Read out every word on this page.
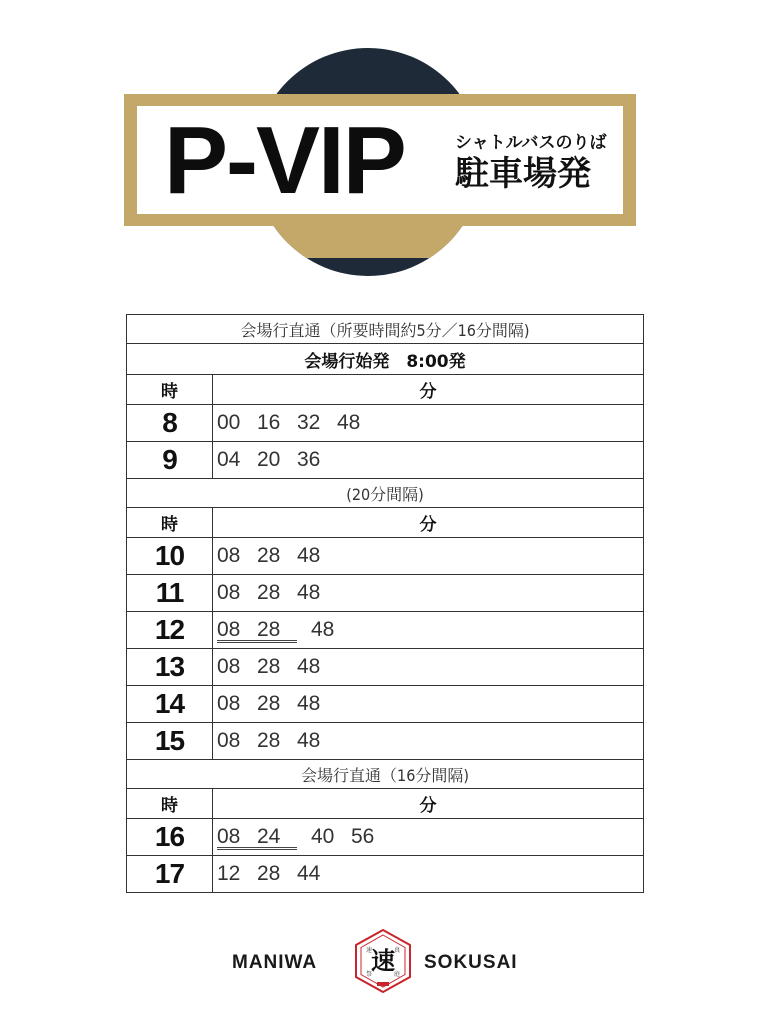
P-VIP	シャトルバスのりば
駐車場発
会場行直通（所要時間約5分／16分間隔)	
会場行始発　8:00発	
時	分
8	00 16 32 48
9	04 20 36
(20分間隔)	
時	分
10	08 28 48
11	08 28 48
12	08 28 48
13	08 28 48
14	08 28 48
15	08 28 48
会場行直通（16分間隔)	
時	分
16	08 24 40 56
17	12 28 44
MANIWA 速
速	真
祭	庭
SOKUSAI
